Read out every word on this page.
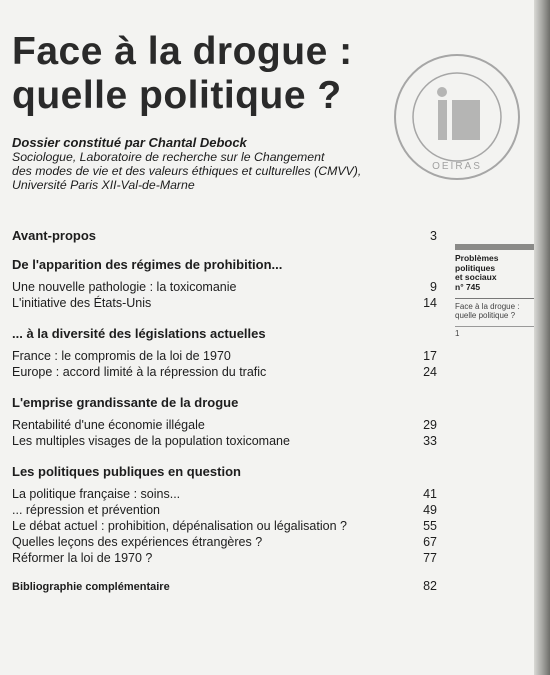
Face à la drogue :
quelle politique ?
OEIRAS
Dossier constitué par Chantal Debock
Sociologue, Laboratoire de recherche sur le Changement
des modes de vie et des valeurs éthiques et culturelles (CMVV),
Université Paris XII-Val-de-Marne
Avant-propos	3
De l'apparition des régimes de prohibition...
Une nouvelle pathologie : la toxicomanie	9
L'initiative des États-Unis	14
... à la diversité des législations actuelles
France : le compromis de la loi de 1970	17
Europe : accord limité à la répression du trafic	24
L'emprise grandissante de la drogue
Rentabilité d'une économie illégale	29
Les multiples visages de la population toxicomane	33
Les politiques publiques en question
La politique française : soins...	41
... répression et prévention	49
Le débat actuel : prohibition, dépénalisation ou légalisation ?	55
Quelles leçons des expériences étrangères ?	67
Réformer la loi de 1970 ?	77
Bibliographie complémentaire	82
Problèmes
politiques
et sociaux
n° 745
Face à la drogue :
quelle politique ?
1
